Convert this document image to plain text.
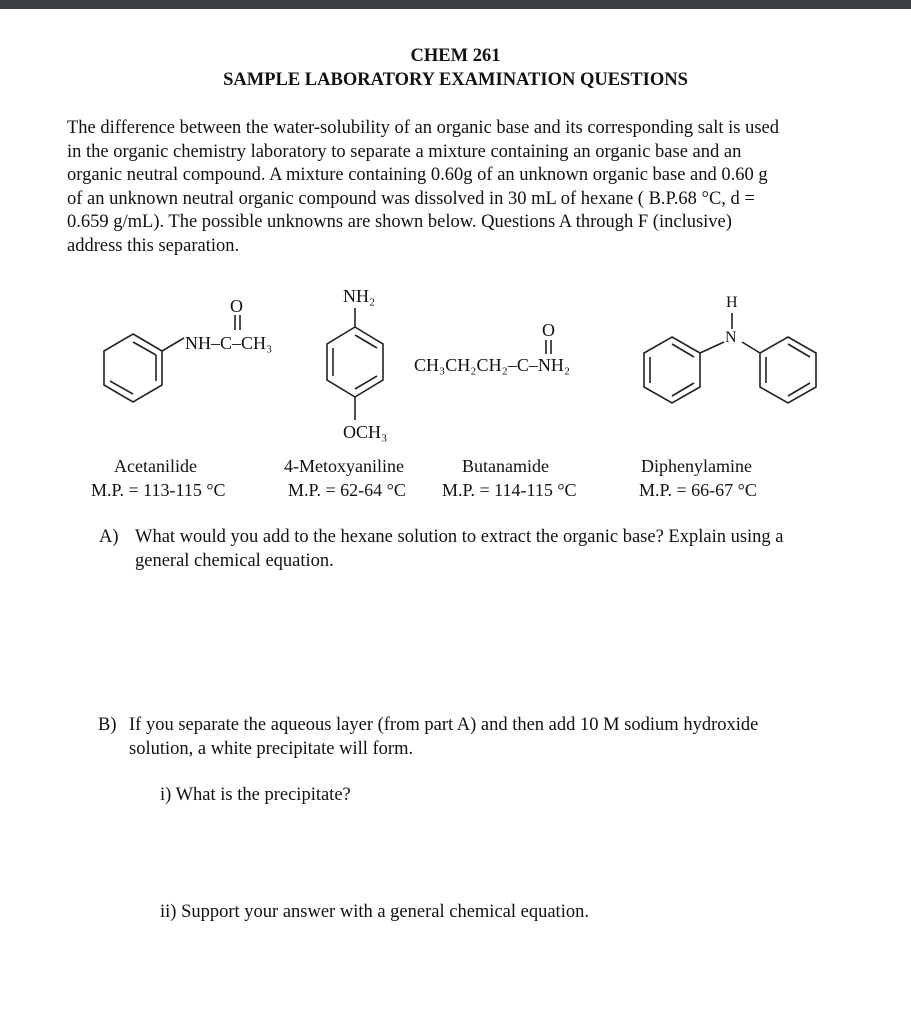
CHEM 261
SAMPLE LABORATORY EXAMINATION QUESTIONS
The difference between the water-solubility of an organic base and its corresponding salt is used
in the organic chemistry laboratory to separate a mixture containing an organic base and an
organic neutral compound. A mixture containing 0.60g of an unknown organic base and 0.60 g
of an unknown neutral organic compound was dissolved in 30 mL of hexane ( B.P.68 °C, d =
0.659 g/mL). The possible unknowns are shown below. Questions A through F (inclusive)
address this separation.
O
NH–C–CH₃
NH₂
OCH₃
O
CH₃CH₂CH₂–C–NH₂
H
N
Acetanilide
M.P. = 113-115 °C
4-Metoxyaniline
M.P. = 62-64 °C
Butanamide
M.P. = 114-115 °C
Diphenylamine
M.P. = 66-67 °C
A) What would you add to the hexane solution to extract the organic base? Explain using a
general chemical equation.
B) If you separate the aqueous layer (from part A) and then add 10 M sodium hydroxide
solution, a white precipitate will form.
i) What is the precipitate?
ii) Support your answer with a general chemical equation.
